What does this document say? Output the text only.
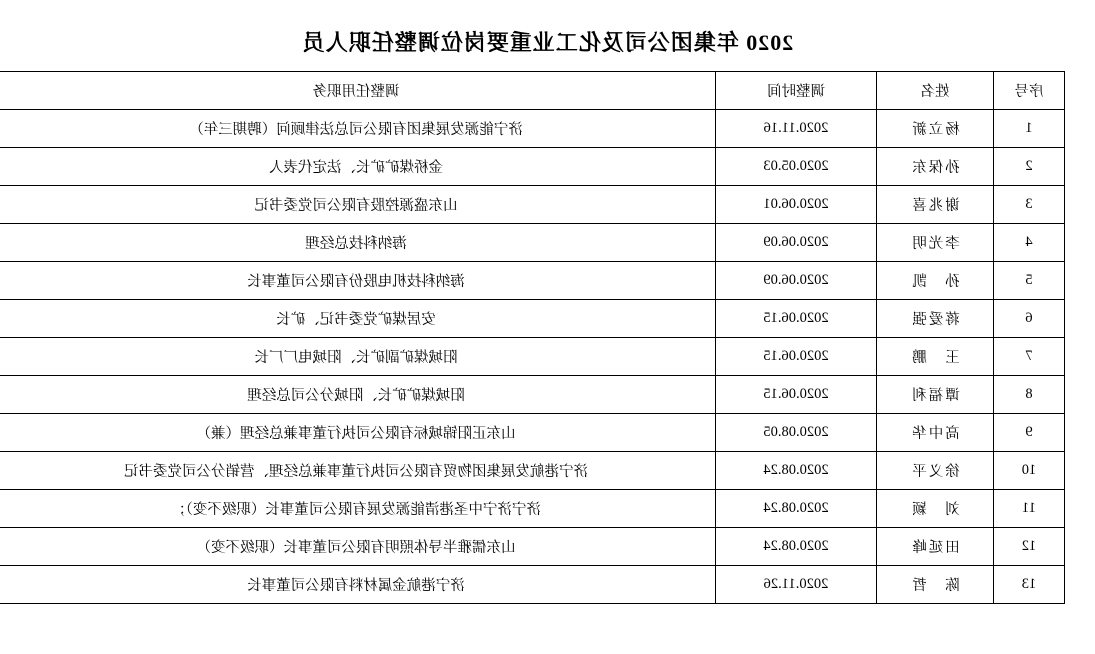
2020 年集团公司及化工业重要岗位调整任职人员
序号	姓名	调整时间	调整任用职务
1	杨立新	2020.11.16	济宁能源发展集团有限公司总法律顾问（聘期三年）
2	孙保东	2020.05.03	金桥煤矿矿长、法定代表人
3	谢兆喜	2020.06.01	山东盛源控股有限公司党委书记
4	李光明	2020.06.09	海纳科技总经理
5	孙　凯	2020.06.09	海纳科技机电股份有限公司董事长
6	蒋爱强	2020.06.15	安居煤矿党委书记、矿长
7	王　鹏	2020.06.15	阳城煤矿副矿长、阳城电厂厂长
8	谭福利	2020.06.15	阳城煤矿矿长、阳城分公司总经理
9	高中华	2020.08.05	山东正阳锦城标有限公司执行董事兼总经理（兼）
10	徐义平	2020.08.24	济宁港航发展集团物贸有限公司执行董事兼总经理、营销分公司党委书记
11	刘　颖	2020.08.24	济宁济宁中圣港清能源发展有限公司董事长（职级不变）；
12	田延峰	2020.08.24	山东儒雅半导体照明有限公司董事长（职级不变）
13	陈　哲	2020.11.26	济宁港航金属材料有限公司董事长
